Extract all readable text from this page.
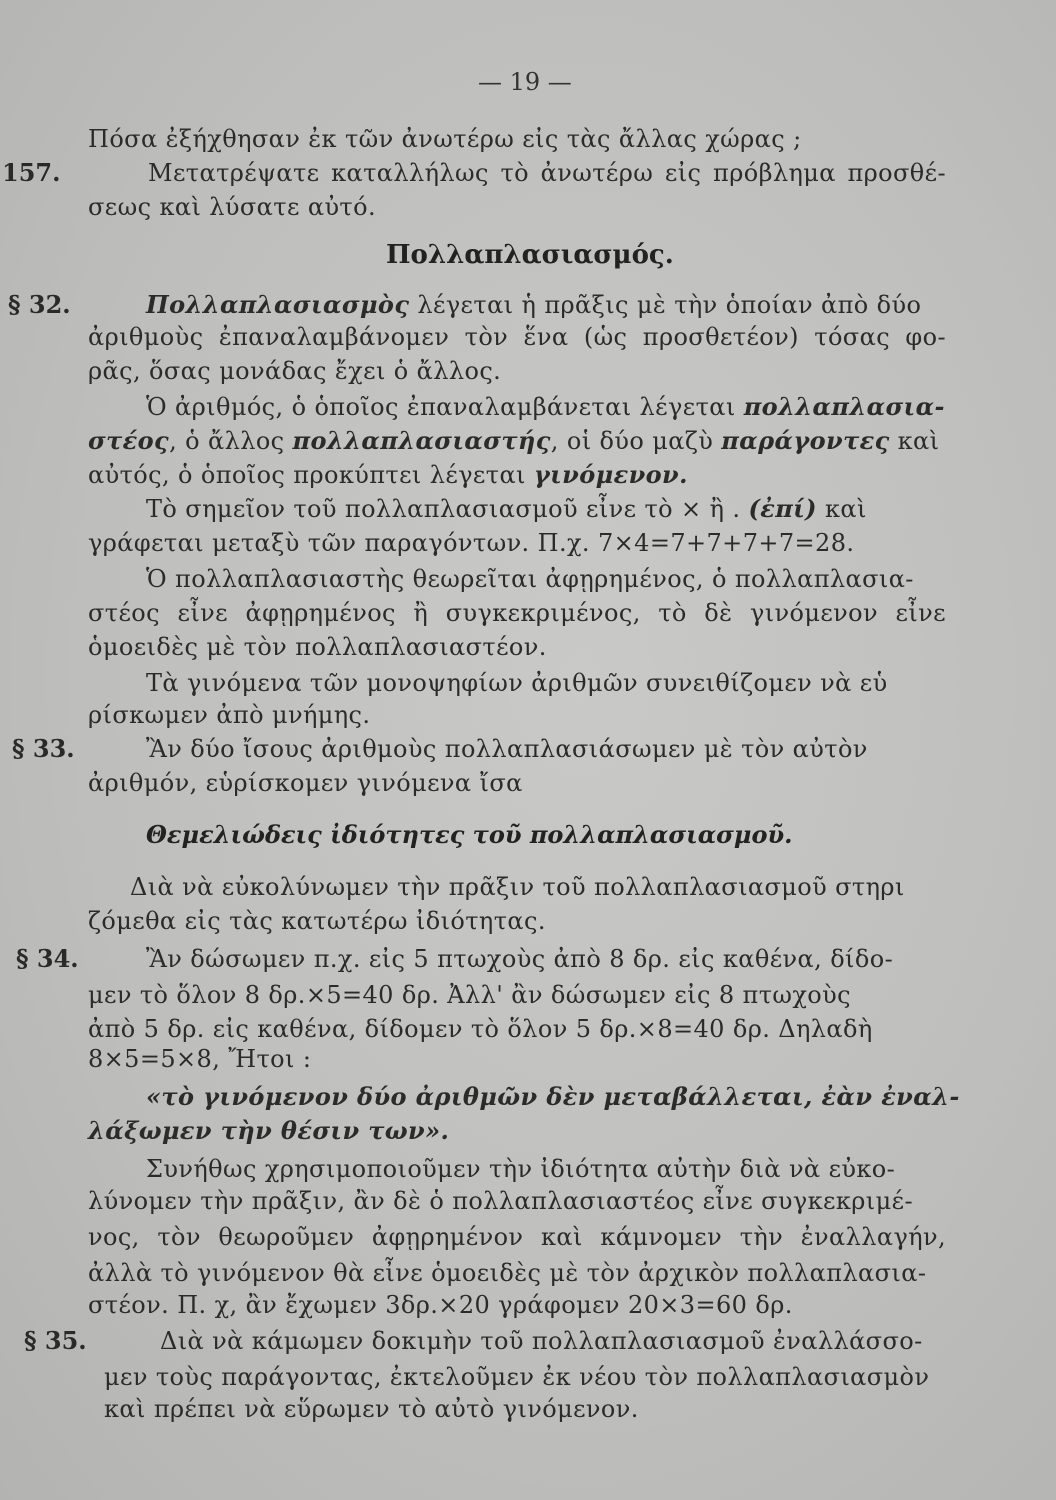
— 19 —
Πόσα ἐξήχθησαν ἐκ τῶν ἀνωτέρω εἰς τὰς ἄλλας χώρας ;
157.	Μετατρέψατε καταλλήλως τὸ ἀνωτέρω εἰς πρόβλημα προσθέ-
σεως καὶ λύσατε αὐτό.
Πολλαπλασιασμός.
§ 32.	Πολλαπλασιασμὸς λέγεται ἡ πρᾶξις μὲ τὴν ὁποίαν ἀπὸ δύο
ἀριθμοὺς ἐπαναλαμβάνομεν τὸν ἕνα (ὡς προσθετέον) τόσας φο-
ρᾶς, ὅσας μονάδας ἔχει ὁ ἄλλος.
Ὁ ἀριθμός, ὁ ὁποῖος ἐπαναλαμβάνεται λέγεται πολλαπλασια-
στέος, ὁ ἄλλος πολλαπλασιαστής, οἱ δύο μαζὺ παράγοντες καὶ
αὐτός, ὁ ὁποῖος προκύπτει λέγεται γινόμενον.
Τὸ σημεῖον τοῦ πολλαπλασιασμοῦ εἶνε τὸ × ἢ . (ἐπί) καὶ
γράφεται μεταξὺ τῶν παραγόντων. Π.χ. 7×4=7+7+7+7=28.
Ὁ πολλαπλασιαστὴς θεωρεῖται ἀφῃρημένος, ὁ πολλαπλασια-
στέος εἶνε ἀφῃρημένος ἢ συγκεκριμένος, τὸ δὲ γινόμενον εἶνε
ὁμοειδὲς μὲ τὸν πολλαπλασιαστέον.
Τὰ γινόμενα τῶν μονοψηφίων ἀριθμῶν συνειθίζομεν νὰ εὑ
ρίσκωμεν ἀπὸ μνήμης.
§ 33.	Ἂν δύο ἴσους ἀριθμοὺς πολλαπλασιάσωμεν μὲ τὸν αὐτὸν
ἀριθμόν, εὑρίσκομεν γινόμενα ἴσα
Θεμελιώδεις ἰδιότητες τοῦ πολλαπλασιασμοῦ.
Διὰ νὰ εὐκολύνωμεν τὴν πρᾶξιν τοῦ πολλαπλασιασμοῦ στηρι
ζόμεθα εἰς τὰς κατωτέρω ἰδιότητας.
§ 34.	Ἂν δώσωμεν π.χ. εἰς 5 πτωχοὺς ἀπὸ 8 δρ. εἰς καθένα, δίδο-
μεν τὸ ὅλον 8 δρ.×5=40 δρ. Ἀλλ' ἂν δώσωμεν εἰς 8 πτωχοὺς
ἀπὸ 5 δρ. εἰς καθένα, δίδομεν τὸ ὅλον 5 δρ.×8=40 δρ. Δηλαδὴ
8×5=5×8, Ἤτοι :
«τὸ γινόμενον δύο ἀριθμῶν δὲν μεταβάλλεται, ἐὰν ἐναλ-
λάξωμεν τὴν θέσιν των».
Συνήθως χρησιμοποιοῦμεν τὴν ἰδιότητα αὐτὴν διὰ νὰ εὐκο-
λύνομεν τὴν πρᾶξιν, ἂν δὲ ὁ πολλαπλασιαστέος εἶνε συγκεκριμέ-
νος, τὸν θεωροῦμεν ἀφῃρημένον καὶ κάμνομεν τὴν ἐναλλαγήν,
ἀλλὰ τὸ γινόμενον θὰ εἶνε ὁμοειδὲς μὲ τὸν ἀρχικὸν πολλαπλασια-
στέον. Π. χ, ἂν ἔχωμεν 3δρ.×20 γράφομεν 20×3=60 δρ.
§ 35.	Διὰ νὰ κάμωμεν δοκιμὴν τοῦ πολλαπλασιασμοῦ ἐναλλάσσο-
μεν τοὺς παράγοντας, ἐκτελοῦμεν ἐκ νέου τὸν πολλαπλασιασμὸν
καὶ πρέπει νὰ εὕρωμεν τὸ αὐτὸ γινόμενον.
